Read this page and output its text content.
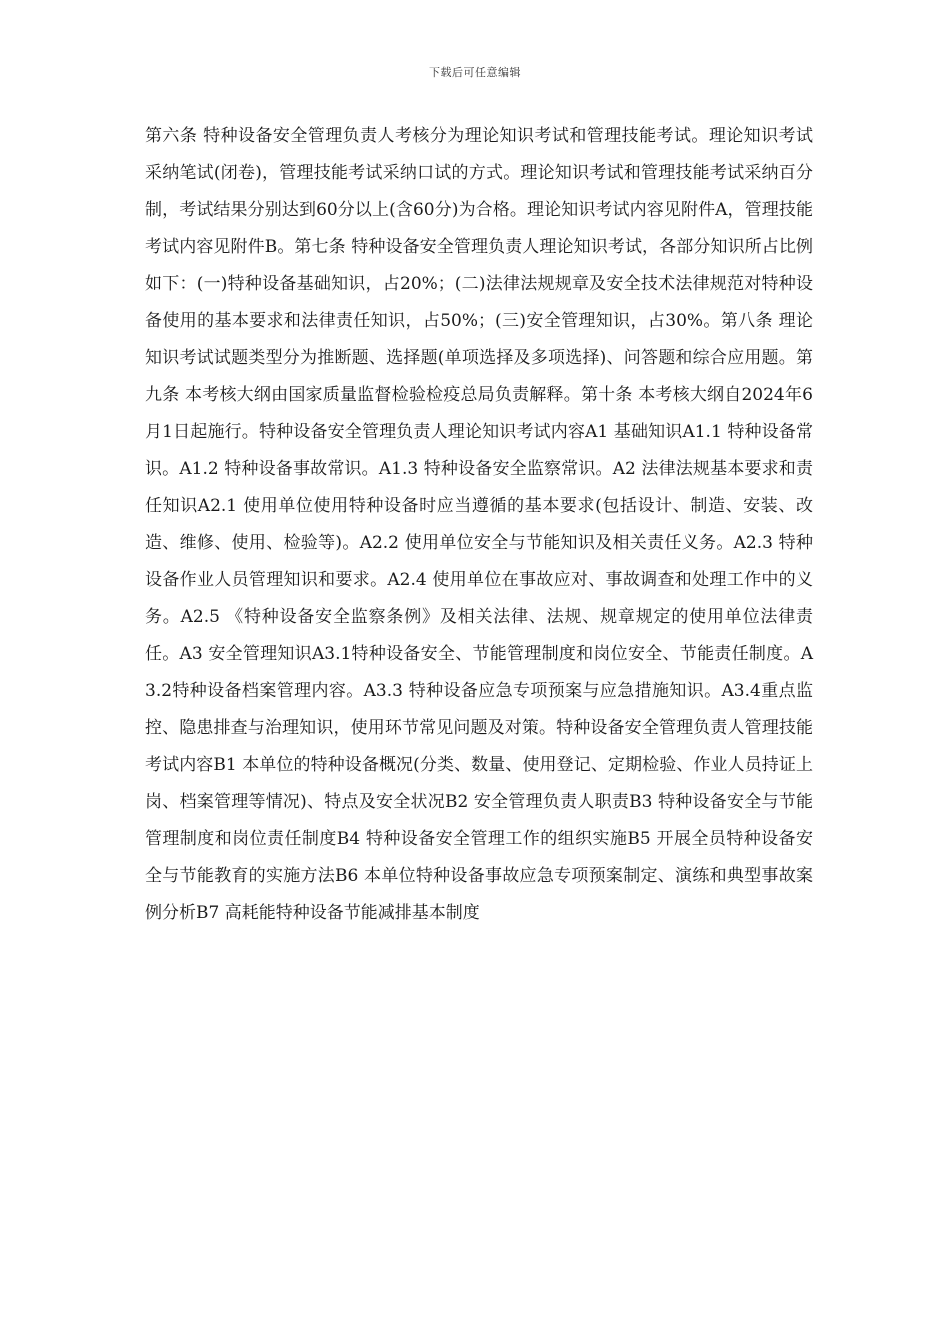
下载后可任意编辑

第六条 特种设备安全管理负责人考核分为理论知识考试和管理技能考试。理论知识考试采纳笔试(闭卷)，管理技能考试采纳口试的方式。理论知识考试和管理技能考试采纳百分制，考试结果分别达到60分以上(含60分)为合格。理论知识考试内容见附件A，管理技能考试内容见附件B。第七条 特种设备安全管理负责人理论知识考试，各部分知识所占比例如下：(一)特种设备基础知识，占20%；(二)法律法规规章及安全技术法律规范对特种设备使用的基本要求和法律责任知识，占50%；(三)安全管理知识，占30%。第八条 理论知识考试试题类型分为推断题、选择题(单项选择及多项选择)、问答题和综合应用题。第九条 本考核大纲由国家质量监督检验检疫总局负责解释。第十条 本考核大纲自2024年6月1日起施行。特种设备安全管理负责人理论知识考试内容A1 基础知识A1.1 特种设备常识。A1.2 特种设备事故常识。A1.3 特种设备安全监察常识。A2 法律法规基本要求和责任知识A2.1 使用单位使用特种设备时应当遵循的基本要求(包括设计、制造、安装、改造、维修、使用、检验等)。A2.2 使用单位安全与节能知识及相关责任义务。A2.3 特种设备作业人员管理知识和要求。A2.4 使用单位在事故应对、事故调查和处理工作中的义务。A2.5 《特种设备安全监察条例》及相关法律、法规、规章规定的使用单位法律责任。A3 安全管理知识A3.1特种设备安全、节能管理制度和岗位安全、节能责任制度。A3.2特种设备档案管理内容。A3.3 特种设备应急专项预案与应急措施知识。A3.4重点监控、隐患排查与治理知识，使用环节常见问题及对策。特种设备安全管理负责人管理技能考试内容B1 本单位的特种设备概况(分类、数量、使用登记、定期检验、作业人员持证上岗、档案管理等情况)、特点及安全状况B2 安全管理负责人职责B3 特种设备安全与节能管理制度和岗位责任制度B4 特种设备安全管理工作的组织实施B5 开展全员特种设备安全与节能教育的实施方法B6 本单位特种设备事故应急专项预案制定、演练和典型事故案例分析B7 高耗能特种设备节能减排基本制度
